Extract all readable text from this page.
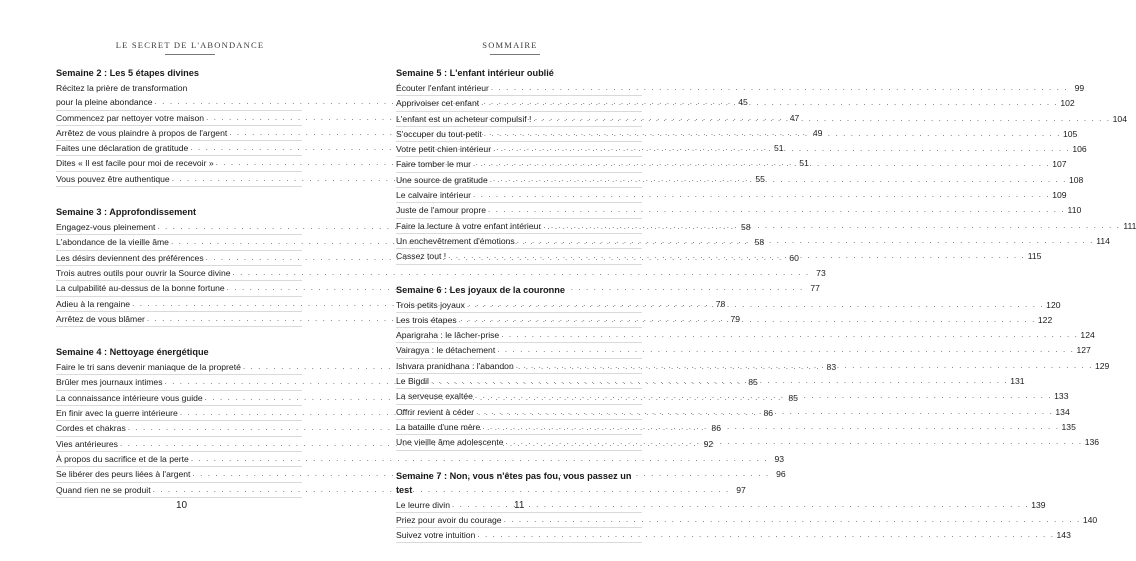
LE SECRET DE L'ABONDANCE
Semaine 2 : Les 5 étapes divines
Récitez la prière de transformation
pour la pleine abondance . . .	45
Commencez par nettoyer votre maison . . .	47
Arrêtez de vous plaindre à propos de l'argent . . .	49
Faites une déclaration de gratitude . . .	51
Dites « Il est facile pour moi de recevoir » . . .	51
Vous pouvez être authentique . . .	55
Semaine 3 : Approfondissement
Engagez-vous pleinement . . .	58
L'abondance de la vieille âme . . .	58
Les désirs deviennent des préférences . . .	60
Trois autres outils pour ouvrir la Source divine . . .	73
La culpabilité au-dessus de la bonne fortune . . .	77
Adieu à la rengaine . . .	78
Arrêtez de vous blâmer . . .	79
Semaine 4 : Nettoyage énergétique
Faire le tri sans devenir maniaque de la propreté . . .	83
Brûler mes journaux intimes . . .	85
La connaissance intérieure vous guide . . .	85
En finir avec la guerre intérieure . . .	86
Cordes et chakras . . .	86
Vies antérieures . . .	92
À propos du sacrifice et de la perte . . .	93
Se libérer des peurs liées à l'argent . . .	96
Quand rien ne se produit . . .	97
10
SOMMAIRE
Semaine 5 : L'enfant intérieur oublié
Écouter l'enfant intérieur . . .	99
Apprivoiser cet enfant . . .	102
L'enfant est un acheteur compulsif ! . . .	104
S'occuper du tout-petit . . .	105
Votre petit chien intérieur . . .	106
Faire tomber le mur . . .	107
Une source de gratitude . . .	108
Le calvaire intérieur . . .	109
Juste de l'amour propre . . .	110
Faire la lecture à votre enfant intérieur . . .	111
Un enchevêtrement d'émotions . . .	114
Cassez tout ! . . .	115
Semaine 6 : Les joyaux de la couronne
Trois petits joyaux . . .	120
Les trois étapes . . .	122
Aparigraha : le lâcher-prise . . .	124
Vairagya : le détachement . . .	127
Ishvara pranidhana : l'abandon . . .	129
Le Bigdil . . .	131
La serveuse exaltée . . .	133
Offrir revient à céder . . .	134
La bataille d'une mère . . .	135
Une vieille âme adolescente . . .	136
Semaine 7 : Non, vous n'êtes pas fou, vous passez un test
Le leurre divin . . .	139
Priez pour avoir du courage . . .	140
Suivez votre intuition . . .	143
11
